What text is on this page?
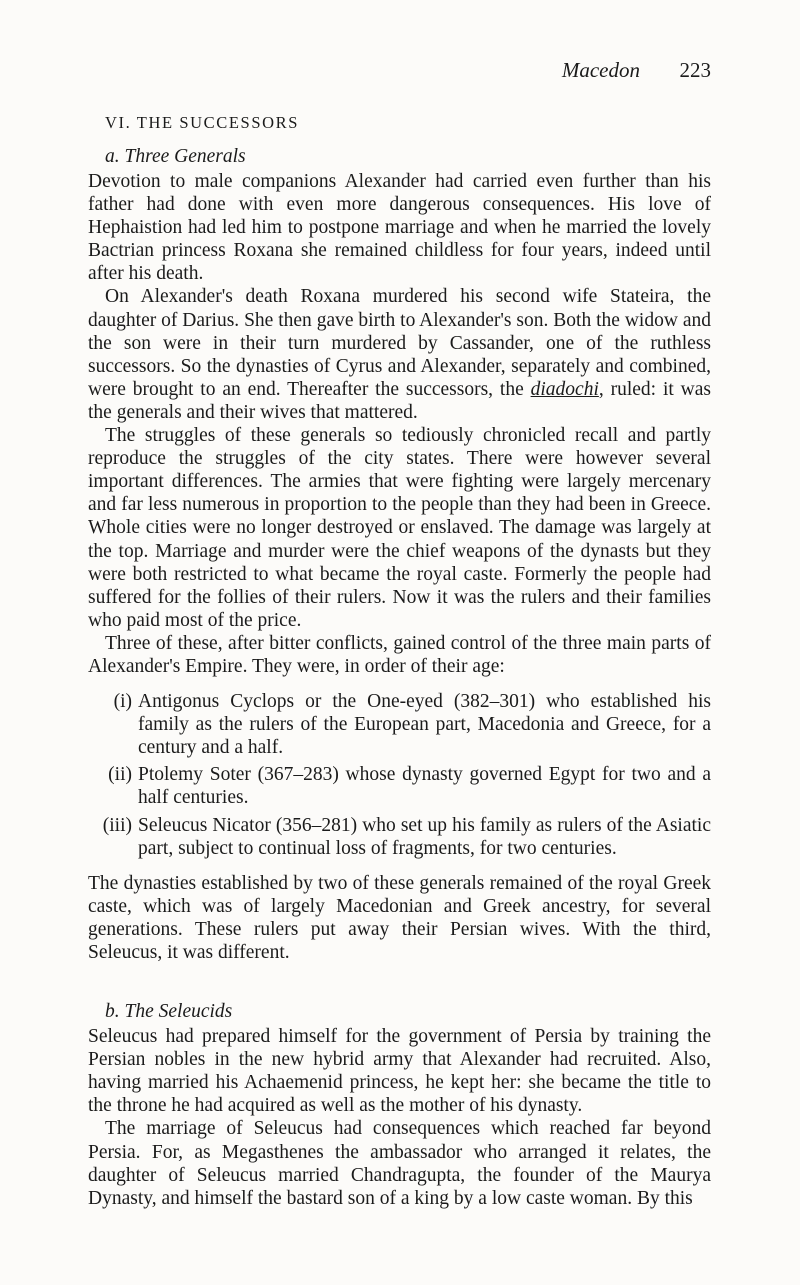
Macedon 223
VI. THE SUCCESSORS
a. Three Generals

Devotion to male companions Alexander had carried even further than his father had done with even more dangerous consequences. His love of Hephaistion had led him to postpone marriage and when he married the lovely Bactrian princess Roxana she remained childless for four years, indeed until after his death.

On Alexander's death Roxana murdered his second wife Stateira, the daughter of Darius. She then gave birth to Alexander's son. Both the widow and the son were in their turn murdered by Cassander, one of the ruthless successors. So the dynasties of Cyrus and Alexander, separately and combined, were brought to an end. Thereafter the successors, the diadochi, ruled: it was the generals and their wives that mattered.

The struggles of these generals so tediously chronicled recall and partly reproduce the struggles of the city states. There were however several important differences. The armies that were fighting were largely mercenary and far less numerous in proportion to the people than they had been in Greece. Whole cities were no longer destroyed or enslaved. The damage was largely at the top. Marriage and murder were the chief weapons of the dynasts but they were both restricted to what became the royal caste. Formerly the people had suffered for the follies of their rulers. Now it was the rulers and their families who paid most of the price.

Three of these, after bitter conflicts, gained control of the three main parts of Alexander's Empire. They were, in order of their age:

(i) Antigonus Cyclops or the One-eyed (382–301) who established his family as the rulers of the European part, Macedonia and Greece, for a century and a half.
(ii) Ptolemy Soter (367–283) whose dynasty governed Egypt for two and a half centuries.
(iii) Seleucus Nicator (356–281) who set up his family as rulers of the Asiatic part, subject to continual loss of fragments, for two centuries.

The dynasties established by two of these generals remained of the royal Greek caste, which was of largely Macedonian and Greek ancestry, for several generations. These rulers put away their Persian wives. With the third, Seleucus, it was different.

b. The Seleucids

Seleucus had prepared himself for the government of Persia by training the Persian nobles in the new hybrid army that Alexander had recruited. Also, having married his Achaemenid princess, he kept her: she became the title to the throne he had acquired as well as the mother of his dynasty.

The marriage of Seleucus had consequences which reached far beyond Persia. For, as Megasthenes the ambassador who arranged it relates, the daughter of Seleucus married Chandragupta, the founder of the Maurya Dynasty, and himself the bastard son of a king by a low caste woman. By this
